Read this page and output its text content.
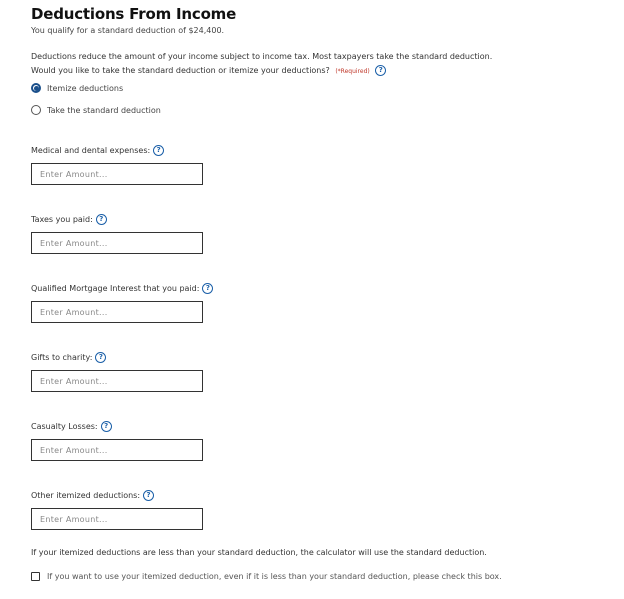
Deductions From Income
You qualify for a standard deduction of $24,400.
Deductions reduce the amount of your income subject to income tax. Most taxpayers take the standard deduction.
Would you like to take the standard deduction or itemize your deductions? (*Required) ?
Itemize deductions
Take the standard deduction
Medical and dental expenses: ?
Enter Amount...
Taxes you paid: ?
Enter Amount...
Qualified Mortgage Interest that you paid: ?
Enter Amount...
Gifts to charity: ?
Enter Amount...
Casualty Losses: ?
Enter Amount...
Other itemized deductions: ?
Enter Amount...
If your itemized deductions are less than your standard deduction, the calculator will use the standard deduction.
If you want to use your itemized deduction, even if it is less than your standard deduction, please check this box.
